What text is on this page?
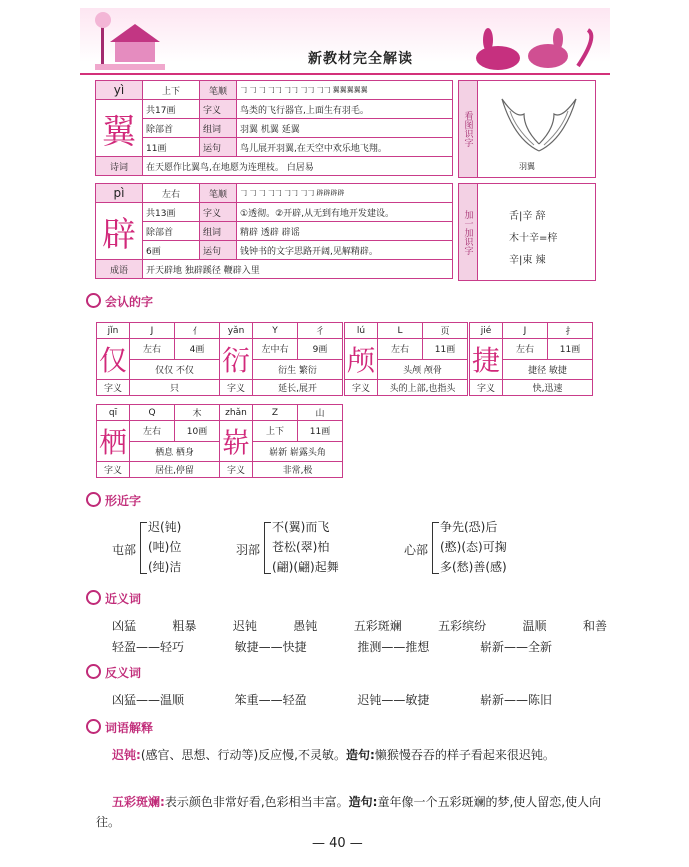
新教材完全解读
yì	上下	笔顺	𠃌 𠃌 𠃌 𠃌𠃌 𠃌𠃌 𠃌𠃌 𠃌𠃌 翼翼翼翼翼
翼	共17画	字义	鸟类的飞行器官,上面生有羽毛。
	除部首	组词	羽翼 机翼 延翼
	11画	运句	鸟儿展开羽翼,在天空中欢乐地飞翔。
诗词	在天愿作比翼鸟,在地愿为连理枝。 白居易		
看图识字
羽翼
pì	左右	笔顺	𠃌 𠃌 𠃌 𠃌𠃌 𠃌𠃌 𠃌𠃌 辟辟辟辟
辟	共13画	字义	①透彻。②开辟,从无到有地开发建设。
	除部首	组词	精辟 透辟 辟谣
	6画	运句	钱钟书的文字思路开阔,见解精辟。
成语	开天辟地 独辟蹊径 鞭辟入里		
加一加识字	舌|辛 辞
木十辛=梓
辛|束 辣
会认的字
jǐn	J	亻
仅	左右	4画
	仅仅 不仅	
字义	只	
yǎn	Y	彳
衍	左中右	9画
	衍生 繁衍	
字义	延长,展开	
lú	L	页
颅	左右	11画
	头颅 颅骨	
字义	头的上部,也指头	
jié	J	扌
捷	左右	11画
	捷径 敏捷	
字义	快,迅速	
qī	Q	木
栖	左右	10画
	栖息 栖身	
字义	居住,停留	
zhǎn	Z	山
崭	上下	11画
	崭新 崭露头角	
字义	非常,极	
形近字
屯部
迟(钝)
(吨)位
(纯)洁
羽部
不(翼)而飞
苍松(翠)柏
(翩)(翩)起舞
心部
争先(恐)后
(憨)(态)可掬
多(愁)善(感)
近义词
凶猛	粗暴	迟钝	愚钝	五彩斑斓	五彩缤纷	温顺	和善
轻盈——轻巧	敏捷——快捷	推测——推想	崭新——全新
反义词
凶猛——温顺	笨重——轻盈	迟钝——敏捷	崭新——陈旧
词语解释
迟钝:(感官、思想、行动等)反应慢,不灵敏。造句:懒猴慢吞吞的样子看起来很迟钝。
五彩斑斓:表示颜色非常好看,色彩相当丰富。造句:童年像一个五彩斑斓的梦,使人留恋,使人向往。
— 40 —
